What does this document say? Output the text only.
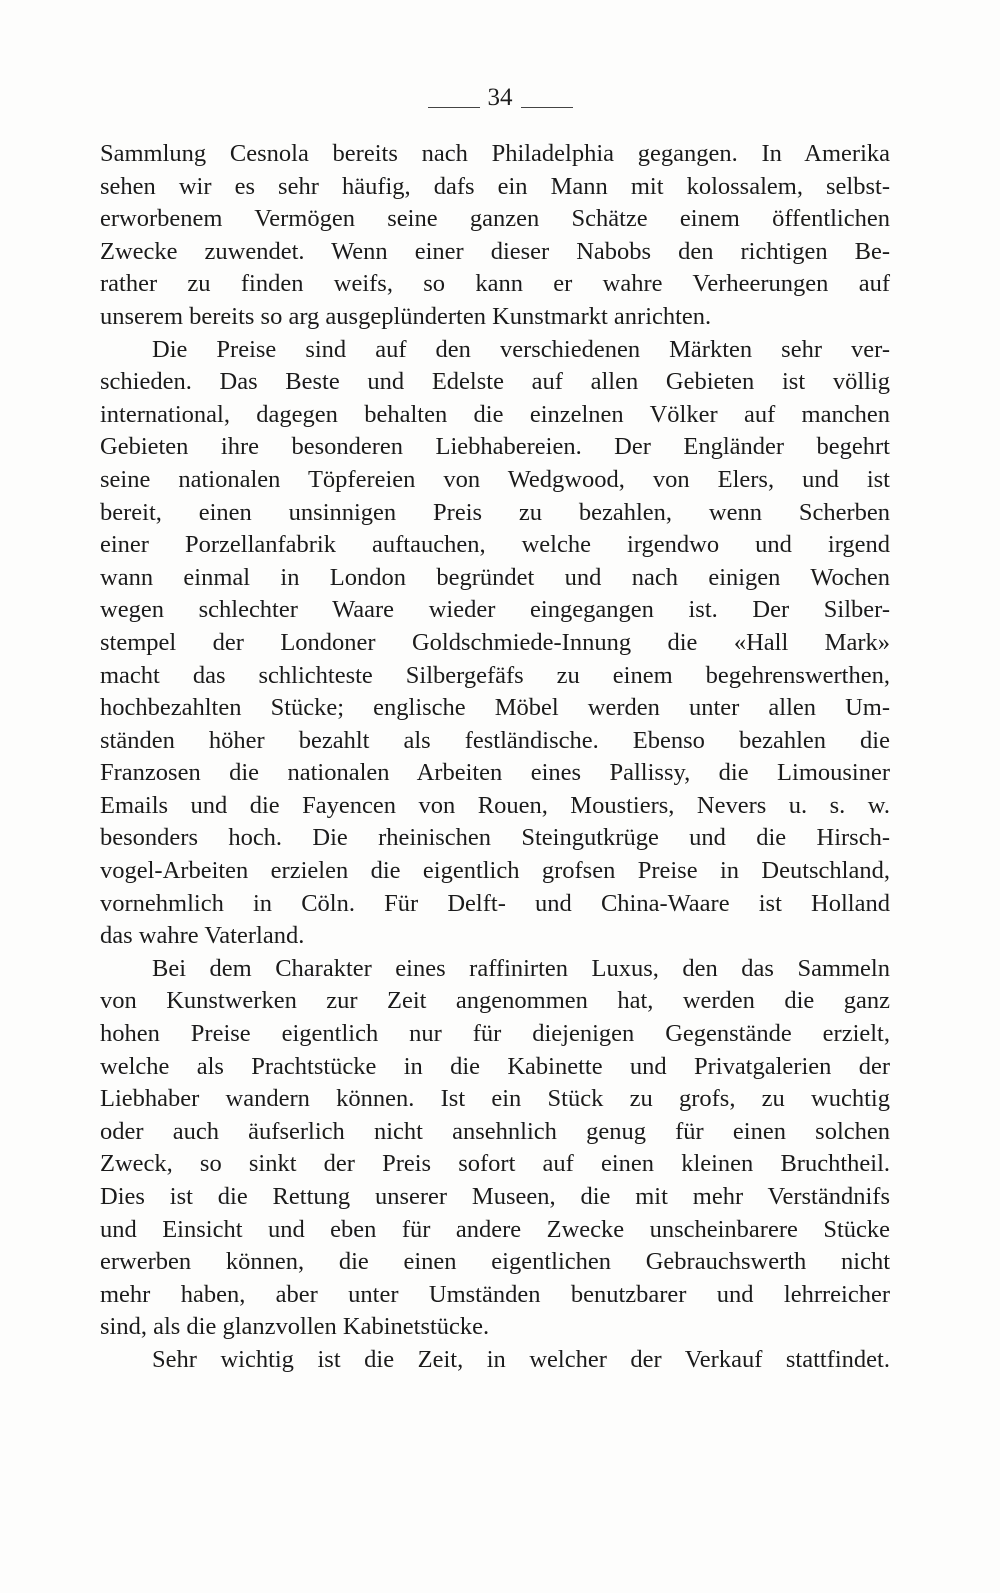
34
Sammlung Cesnola bereits nach Philadelphia gegangen. In Amerika
sehen wir es sehr häufig, dafs ein Mann mit kolossalem, selbst-
erworbenem Vermögen seine ganzen Schätze einem öffentlichen
Zwecke zuwendet. Wenn einer dieser Nabobs den richtigen Be-
rather zu finden weifs, so kann er wahre Verheerungen auf
unserem bereits so arg ausgeplünderten Kunstmarkt anrichten.
Die Preise sind auf den verschiedenen Märkten sehr ver-
schieden. Das Beste und Edelste auf allen Gebieten ist völlig
international, dagegen behalten die einzelnen Völker auf manchen
Gebieten ihre besonderen Liebhabereien. Der Engländer begehrt
seine nationalen Töpfereien von Wedgwood, von Elers, und ist
bereit, einen unsinnigen Preis zu bezahlen, wenn Scherben
einer Porzellanfabrik auftauchen, welche irgendwo und irgend
wann einmal in London begründet und nach einigen Wochen
wegen schlechter Waare wieder eingegangen ist. Der Silber-
stempel der Londoner Goldschmiede-Innung die «Hall Mark»
macht das schlichteste Silbergefäfs zu einem begehrenswerthen,
hochbezahlten Stücke; englische Möbel werden unter allen Um-
ständen höher bezahlt als festländische. Ebenso bezahlen die
Franzosen die nationalen Arbeiten eines Pallissy, die Limousiner
Emails und die Fayencen von Rouen, Moustiers, Nevers u. s. w.
besonders hoch. Die rheinischen Steingutkrüge und die Hirsch-
vogel-Arbeiten erzielen die eigentlich grofsen Preise in Deutschland,
vornehmlich in Cöln. Für Delft- und China-Waare ist Holland
das wahre Vaterland.
Bei dem Charakter eines raffinirten Luxus, den das Sammeln
von Kunstwerken zur Zeit angenommen hat, werden die ganz
hohen Preise eigentlich nur für diejenigen Gegenstände erzielt,
welche als Prachtstücke in die Kabinette und Privatgalerien der
Liebhaber wandern können. Ist ein Stück zu grofs, zu wuchtig
oder auch äufserlich nicht ansehnlich genug für einen solchen
Zweck, so sinkt der Preis sofort auf einen kleinen Bruchtheil.
Dies ist die Rettung unserer Museen, die mit mehr Verständnifs
und Einsicht und eben für andere Zwecke unscheinbarere Stücke
erwerben können, die einen eigentlichen Gebrauchswerth nicht
mehr haben, aber unter Umständen benutzbarer und lehrreicher
sind, als die glanzvollen Kabinetstücke.
Sehr wichtig ist die Zeit, in welcher der Verkauf stattfindet.
